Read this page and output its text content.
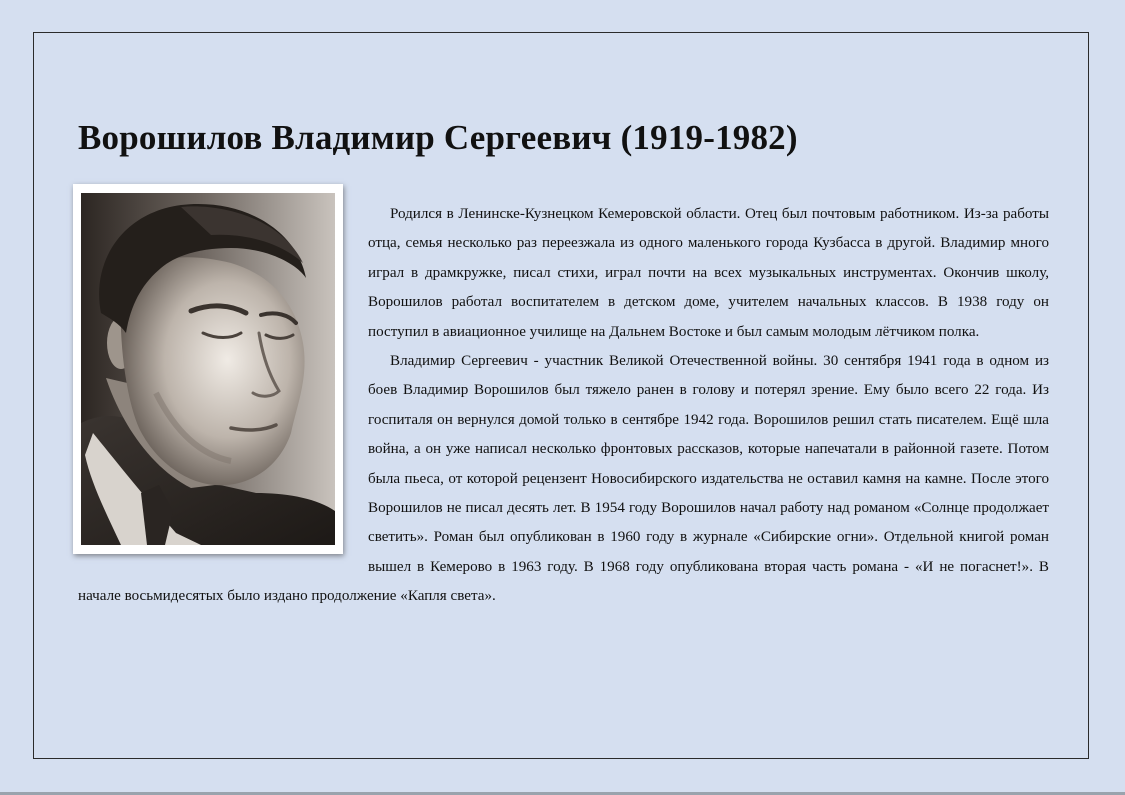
Ворошилов Владимир Сергеевич (1919-1982)

Родился в Ленинске-Кузнецком Кемеровской области. Отец был почтовым работником. Из-за работы отца, семья несколько раз переезжала из одного маленького города Кузбасса в другой. Владимир много играл в драмкружке, писал стихи, играл почти на всех музыкальных инструментах. Окончив школу, Ворошилов работал воспитателем в детском доме, учителем начальных классов. В 1938 году он поступил в авиационное училище на Дальнем Востоке и был самым молодым лётчиком полка.

Владимир Сергеевич - участник Великой Отечественной войны. 30 сентября 1941 года в одном из боев Владимир Ворошилов был тяжело ранен в голову и потерял зрение. Ему было всего 22 года. Из госпиталя он вернулся домой только в сентябре 1942 года. Ворошилов решил стать писателем. Ещё шла война, а он уже написал несколько фронтовых рассказов, которые напечатали в районной газете. Потом была пьеса, от которой рецензент Новосибирского издательства не оставил камня на камне. После этого Ворошилов не писал десять лет. В 1954 году Ворошилов начал работу над романом «Солнце продолжает светить». Роман был опубликован в 1960 году в журнале «Сибирские огни». Отдельной книгой роман вышел в Кемерово в 1963 году. В 1968 году опубликована вторая часть романа - «И не погаснет!». В начале восьмидесятых было издано продолжение «Капля света».
